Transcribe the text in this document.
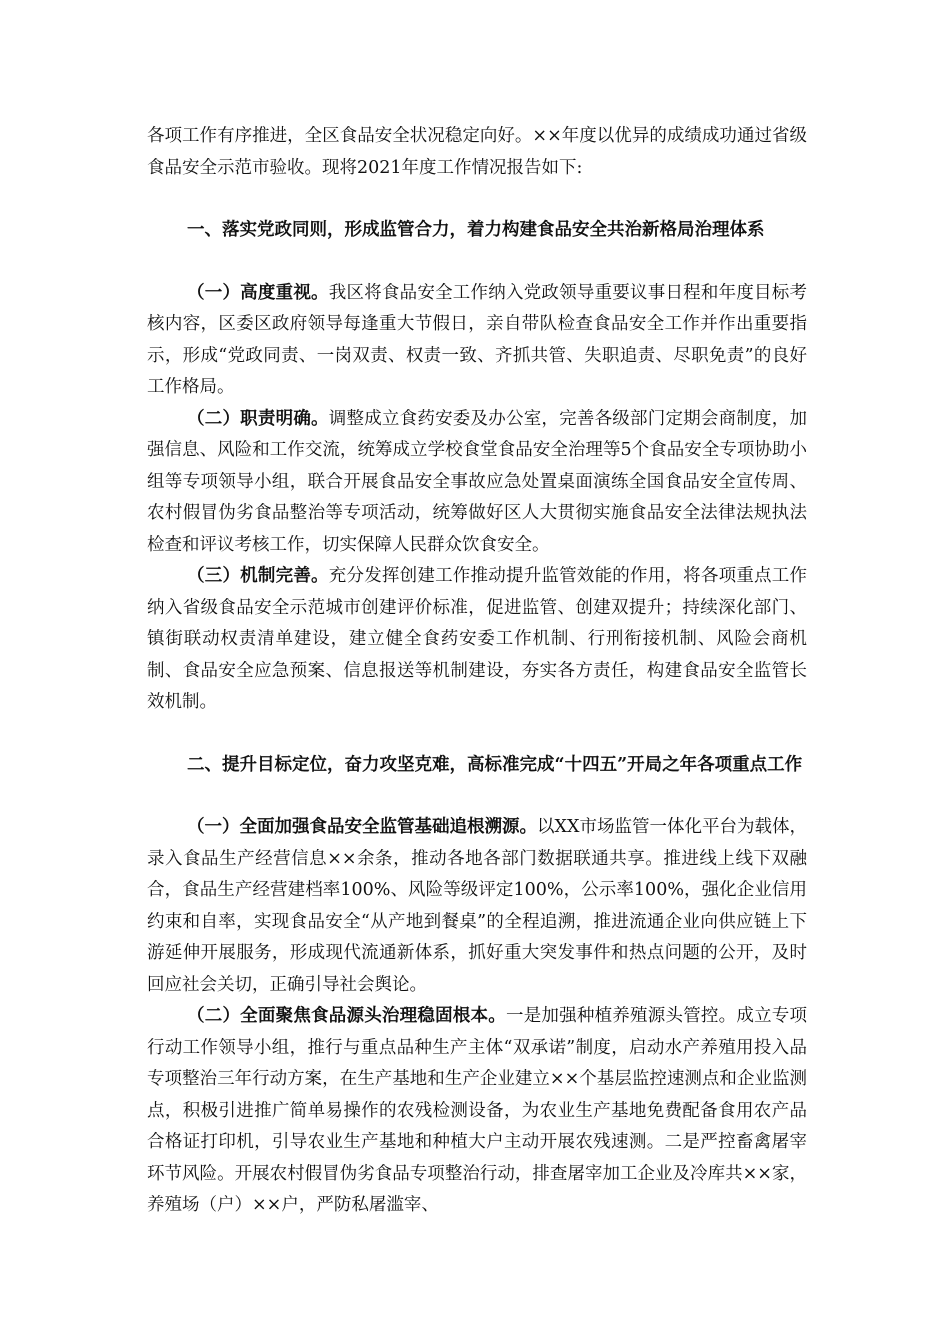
各项工作有序推进，全区食品安全状况稳定向好。××年度以优异的成绩成功通过省级食品安全示范市验收。现将2021年度工作情况报告如下:

一、落实党政同则，形成监管合力，着力构建食品安全共治新格局治理体系

（一）高度重视。我区将食品安全工作纳入党政领导重要议事日程和年度目标考核内容，区委区政府领导每逢重大节假日，亲自带队检查食品安全工作并作出重要指示，形成“党政同责、一岗双责、权责一致、齐抓共管、失职追责、尽职免责”的良好工作格局。

（二）职责明确。调整成立食药安委及办公室，完善各级部门定期会商制度，加强信息、风险和工作交流，统筹成立学校食堂食品安全治理等5个食品安全专项协助小组等专项领导小组，联合开展食品安全事故应急处置桌面演练全国食品安全宣传周、农村假冒伪劣食品整治等专项活动，统筹做好区人大贯彻实施食品安全法律法规执法检查和评议考核工作，切实保障人民群众饮食安全。

（三）机制完善。充分发挥创建工作推动提升监管效能的作用，将各项重点工作纳入省级食品安全示范城市创建评价标准，促进监管、创建双提升；持续深化部门、镇街联动权责清单建设，建立健全食药安委工作机制、行刑衔接机制、风险会商机制、食品安全应急预案、信息报送等机制建设，夯实各方责任，构建食品安全监管长效机制。

二、提升目标定位，奋力攻坚克难，高标准完成“十四五”开局之年各项重点工作

（一）全面加强食品安全监管基础追根溯源。以XX市场监管一体化平台为载体，录入食品生产经营信息××余条，推动各地各部门数据联通共享。推进线上线下双融合，食品生产经营建档率100%、风险等级评定100%，公示率100%，强化企业信用约束和自率，实现食品安全“从产地到餐桌”的全程追溯，推进流通企业向供应链上下游延伸开展服务，形成现代流通新体系，抓好重大突发事件和热点问题的公开，及时回应社会关切，正确引导社会舆论。

（二）全面聚焦食品源头治理稳固根本。一是加强种植养殖源头管控。成立专项行动工作领导小组，推行与重点品种生产主体“双承诺”制度，启动水产养殖用投入品专项整治三年行动方案，在生产基地和生产企业建立××个基层监控速测点和企业监测点，积极引进推广简单易操作的农残检测设备，为农业生产基地免费配备食用农产品合格证打印机，引导农业生产基地和种植大户主动开展农残速测。二是严控畜禽屠宰环节风险。开展农村假冒伪劣食品专项整治行动，排查屠宰加工企业及冷库共××家，养殖场（户）××户，严防私屠滥宰、
